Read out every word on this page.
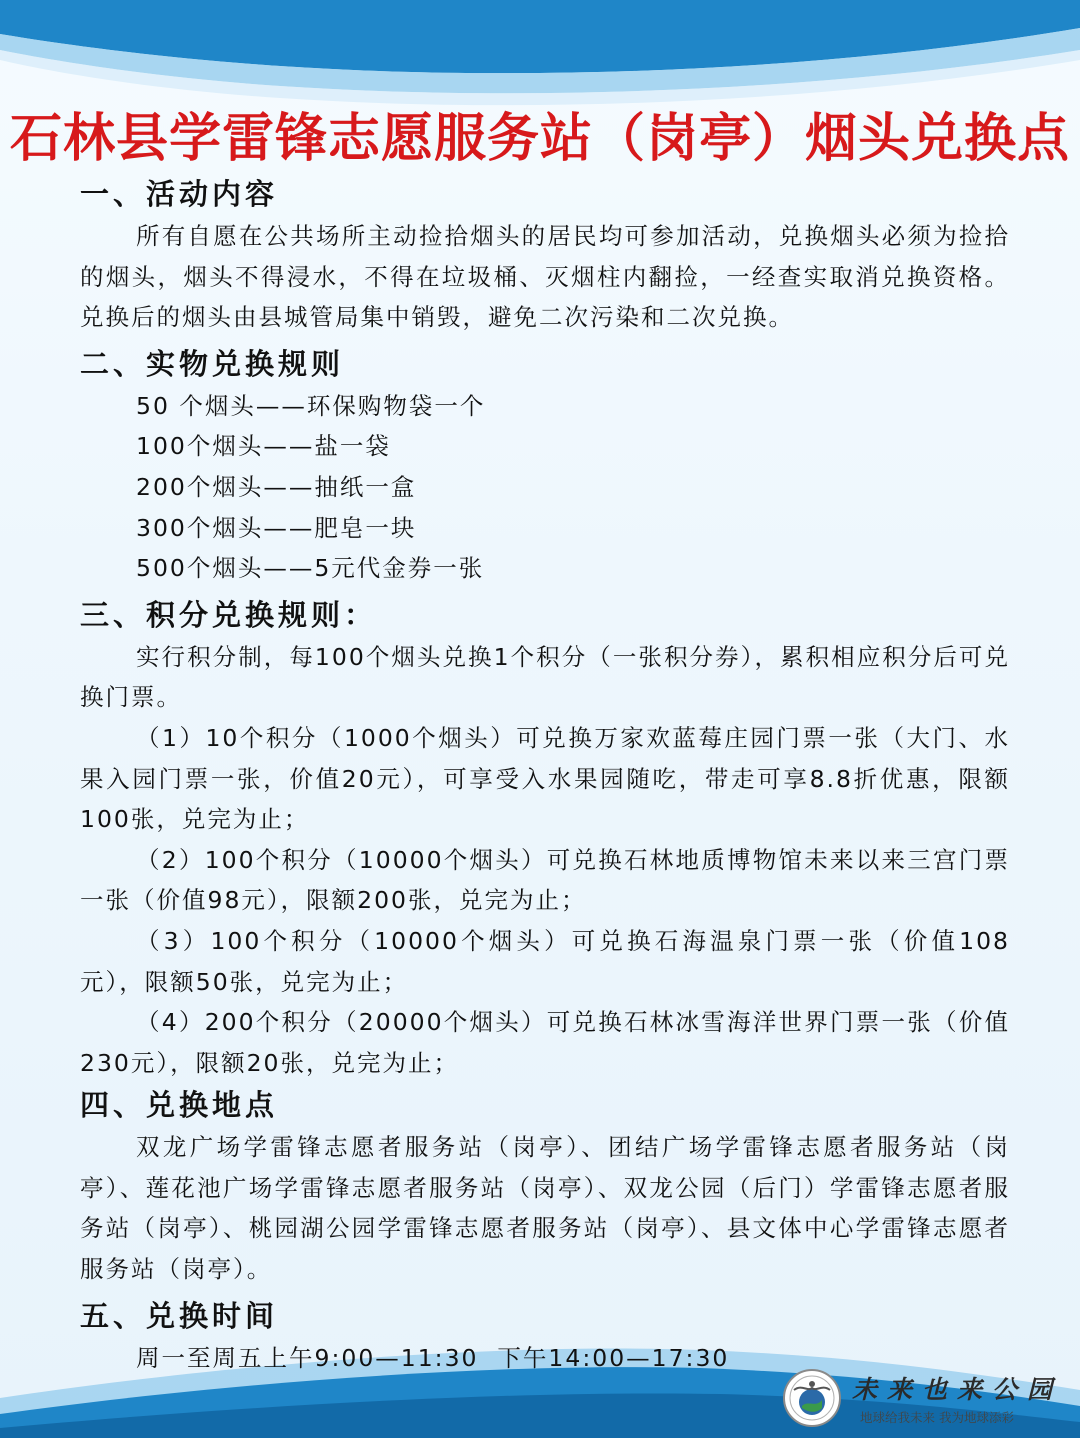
石林县学雷锋志愿服务站（岗亭）烟头兑换点
一、活动内容
所有自愿在公共场所主动捡拾烟头的居民均可参加活动，兑换烟头必须为捡拾的烟头，烟头不得浸水，不得在垃圾桶、灭烟柱内翻捡，一经查实取消兑换资格。兑换后的烟头由县城管局集中销毁，避免二次污染和二次兑换。
二、实物兑换规则
50 个烟头——环保购物袋一个
100个烟头——盐一袋
200个烟头——抽纸一盒
300个烟头——肥皂一块
500个烟头——5元代金券一张
三、积分兑换规则：
实行积分制，每100个烟头兑换1个积分（一张积分券），累积相应积分后可兑换门票。
（1）10个积分（1000个烟头）可兑换万家欢蓝莓庄园门票一张（大门、水果入园门票一张，价值20元），可享受入水果园随吃，带走可享8.8折优惠，限额100张，兑完为止；
（2）100个积分（10000个烟头）可兑换石林地质博物馆未来以来三宫门票一张（价值98元），限额200张，兑完为止；
（3）100个积分（10000个烟头）可兑换石海温泉门票一张（价值108元），限额50张，兑完为止；
（4）200个积分（20000个烟头）可兑换石林冰雪海洋世界门票一张（价值230元），限额20张，兑完为止；
四、兑换地点
双龙广场学雷锋志愿者服务站（岗亭）、团结广场学雷锋志愿者服务站（岗亭）、莲花池广场学雷锋志愿者服务站（岗亭）、双龙公园（后门）学雷锋志愿者服务站（岗亭）、桃园湖公园学雷锋志愿者服务站（岗亭）、县文体中心学雷锋志愿者服务站（岗亭）。
五、兑换时间
周一至周五上午9:00—11:30  下午14:00—17:30
未来也来公园
地球给我未来 我为地球添彩
